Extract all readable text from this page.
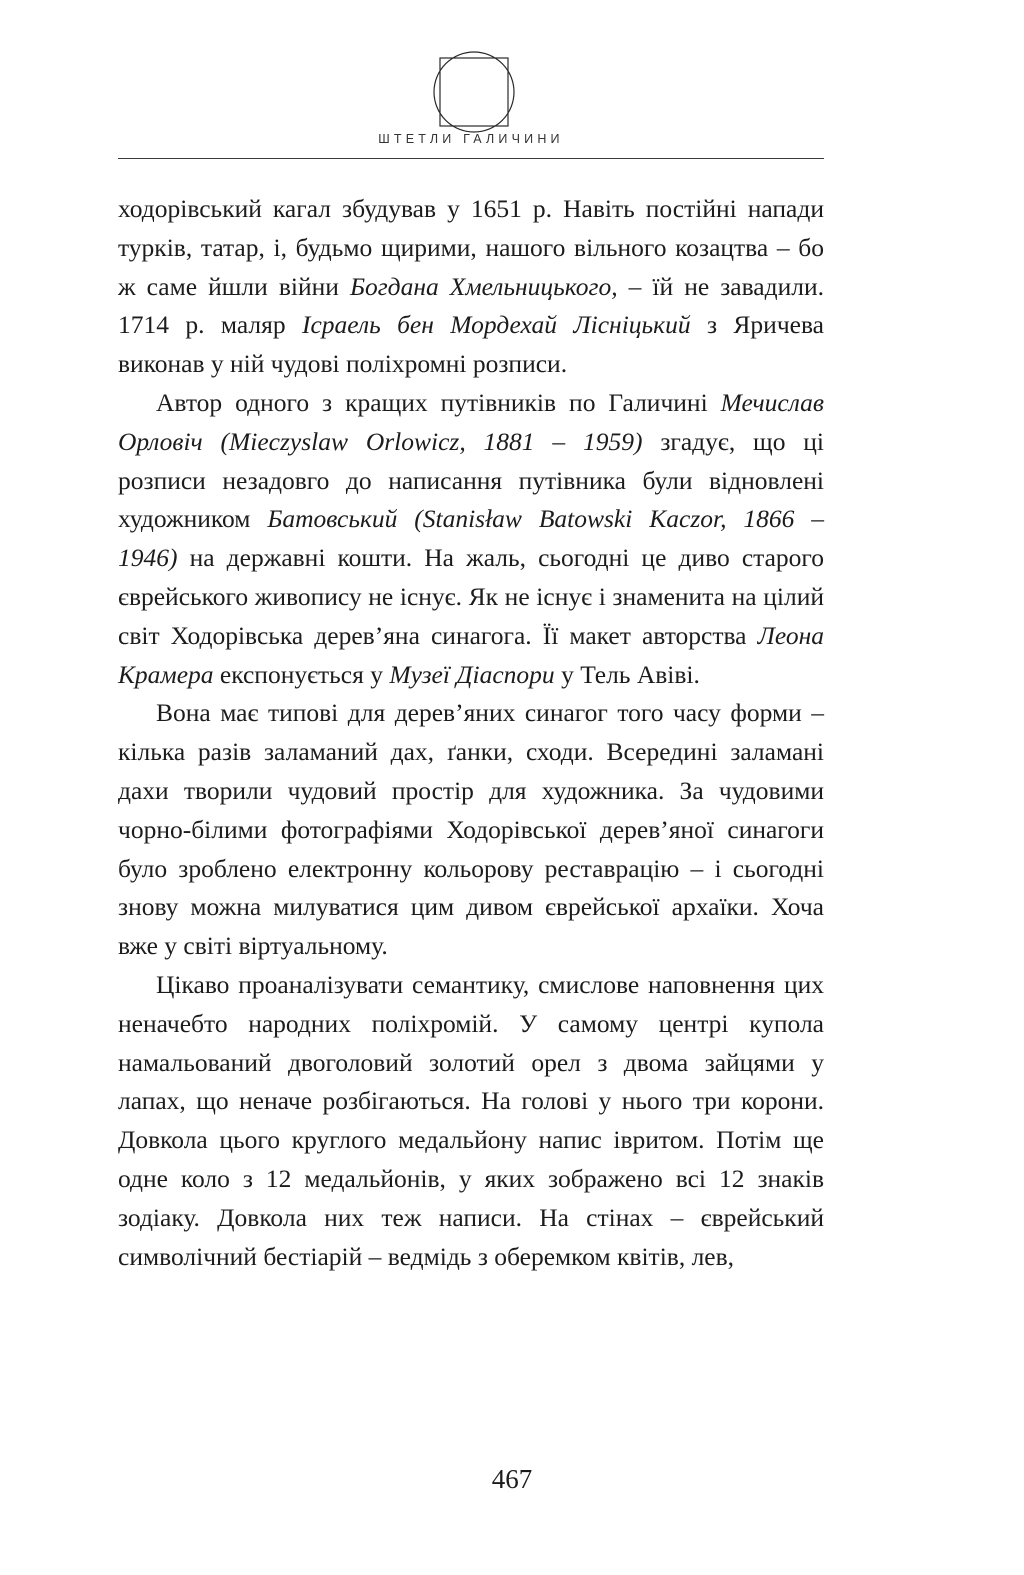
ШТЕТЛИ ГАЛИЧИНИ

ходорівський кагал збудував у 1651 р. Навіть постійні напади турків, татар, і, будьмо щирими, нашого вільного козацтва – бо ж саме йшли війни Богдана Хмельницького, – їй не завадили. 1714 р. маляр Ісраель бен Мордехай Лісніцький з Яричева виконав у ній чудові поліхромні розписи.

Автор одного з кращих путівників по Галичині Мечислав Орловіч (Mieczyslaw Orlowicz, 1881 – 1959) згадує, що ці розписи незадовго до написання путівника були відновлені художником Батовський (Stanisław Batowski Kaczor, 1866 – 1946) на державні кошти. На жаль, сьогодні це диво старого єврейського живопису не існує. Як не існує і знаменита на цілий світ Ходорівська дерев’яна синагога. Її макет авторства Леона Крамера експонується у Музеї Діаспори у Тель Авіві.

Вона має типові для дерев’яних синагог того часу форми – кілька разів заламаний дах, ґанки, сходи. Всередині заламані дахи творили чудовий простір для художника. За чудовими чорно-білими фотографіями Ходорівської дерев’яної синагоги було зроблено електронну кольорову реставрацію – і сьогодні знову можна милуватися цим дивом єврейської архаїки. Хоча вже у світі віртуальному.

Цікаво проаналізувати семантику, смислове наповнення цих неначебто народних поліхромій. У самому центрі купола намальований двоголовий золотий орел з двома зайцями у лапах, що неначе розбігаються. На голові у нього три корони. Довкола цього круглого медальйону напис івритом. Потім ще одне коло з 12 медальйонів, у яких зображено всі 12 знаків зодіаку. Довкола них теж написи. На стінах – єврейський символічний бестіарій – ведмідь з оберемком квітів, лев,

467
